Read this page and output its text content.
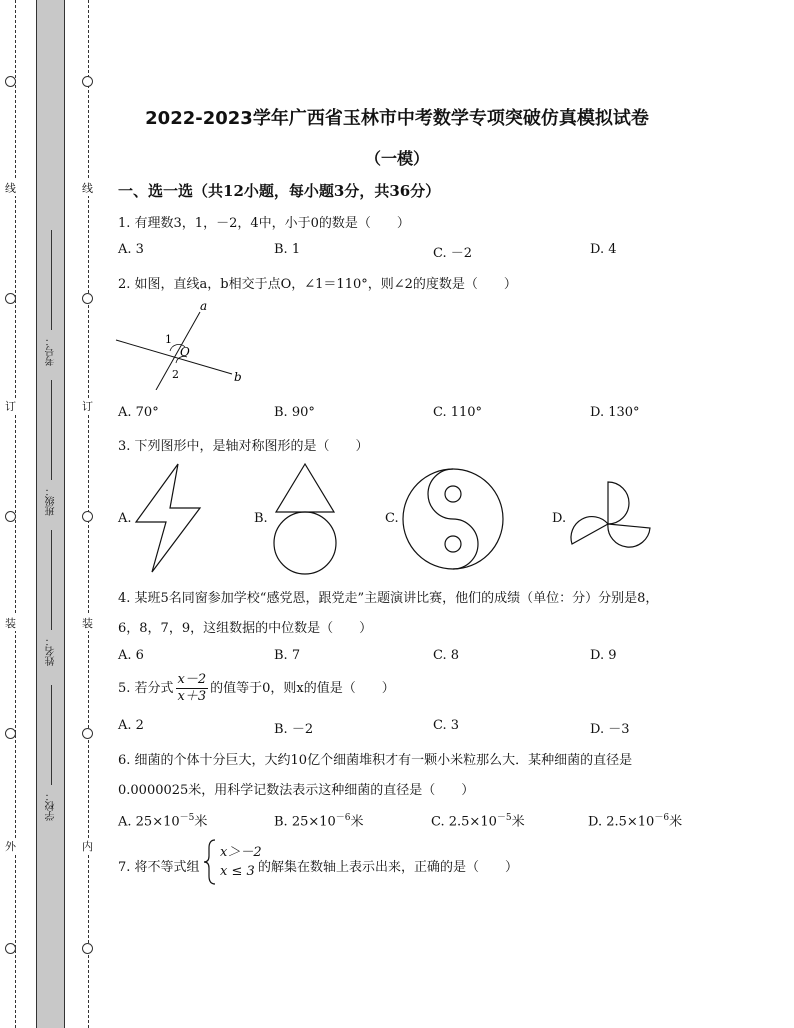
线
订
装
外
线
订
装
内
考号：
班级：
姓名：
学校：
2022-2023学年广西省玉林市中考数学专项突破仿真模拟试卷
（一模）
一、选一选（共12小题，每小题3分，共36分）
1. 有理数3，1，－2，4中，小于0的数是（　　）
A. 3	B. 1	C. －2	D. 4
2. 如图，直线a，b相交于点O，∠1＝110°，则∠2的度数是（　　）
a
b
1
2
O
A. 70°	B. 90°	C. 110°	D. 130°
3. 下列图形中，是轴对称图形的是（　　）
A.	B.	C.	D.
4. 某班5名同窗参加学校“感党恩，跟党走”主题演讲比赛，他们的成绩（单位：分）分别是8，
6，8，7，9，这组数据的中位数是（　　）
A. 6	B. 7	C. 8	D. 9
5. 若分式 $\frac{x-2}{x+3}$ 的值等于0，则x的值是（　　）
A. 2	B. －2	C. 3	D. －3
6. 细菌的个体十分巨大，大约10亿个细菌堆积才有一颗小米粒那么大．某种细菌的直径是
0.0000025米，用科学记数法表示这种细菌的直径是（　　）
A. $25\times 10^{-5}$米	B. $25\times 10^{-6}$米	C. $2.5\times 10^{-5}$米	D. $2.5\times 10^{-6}$米
7. 将不等式组
x＞－2
x ≤ 3 的解集在数轴上表示出来，正确的是（　　）
